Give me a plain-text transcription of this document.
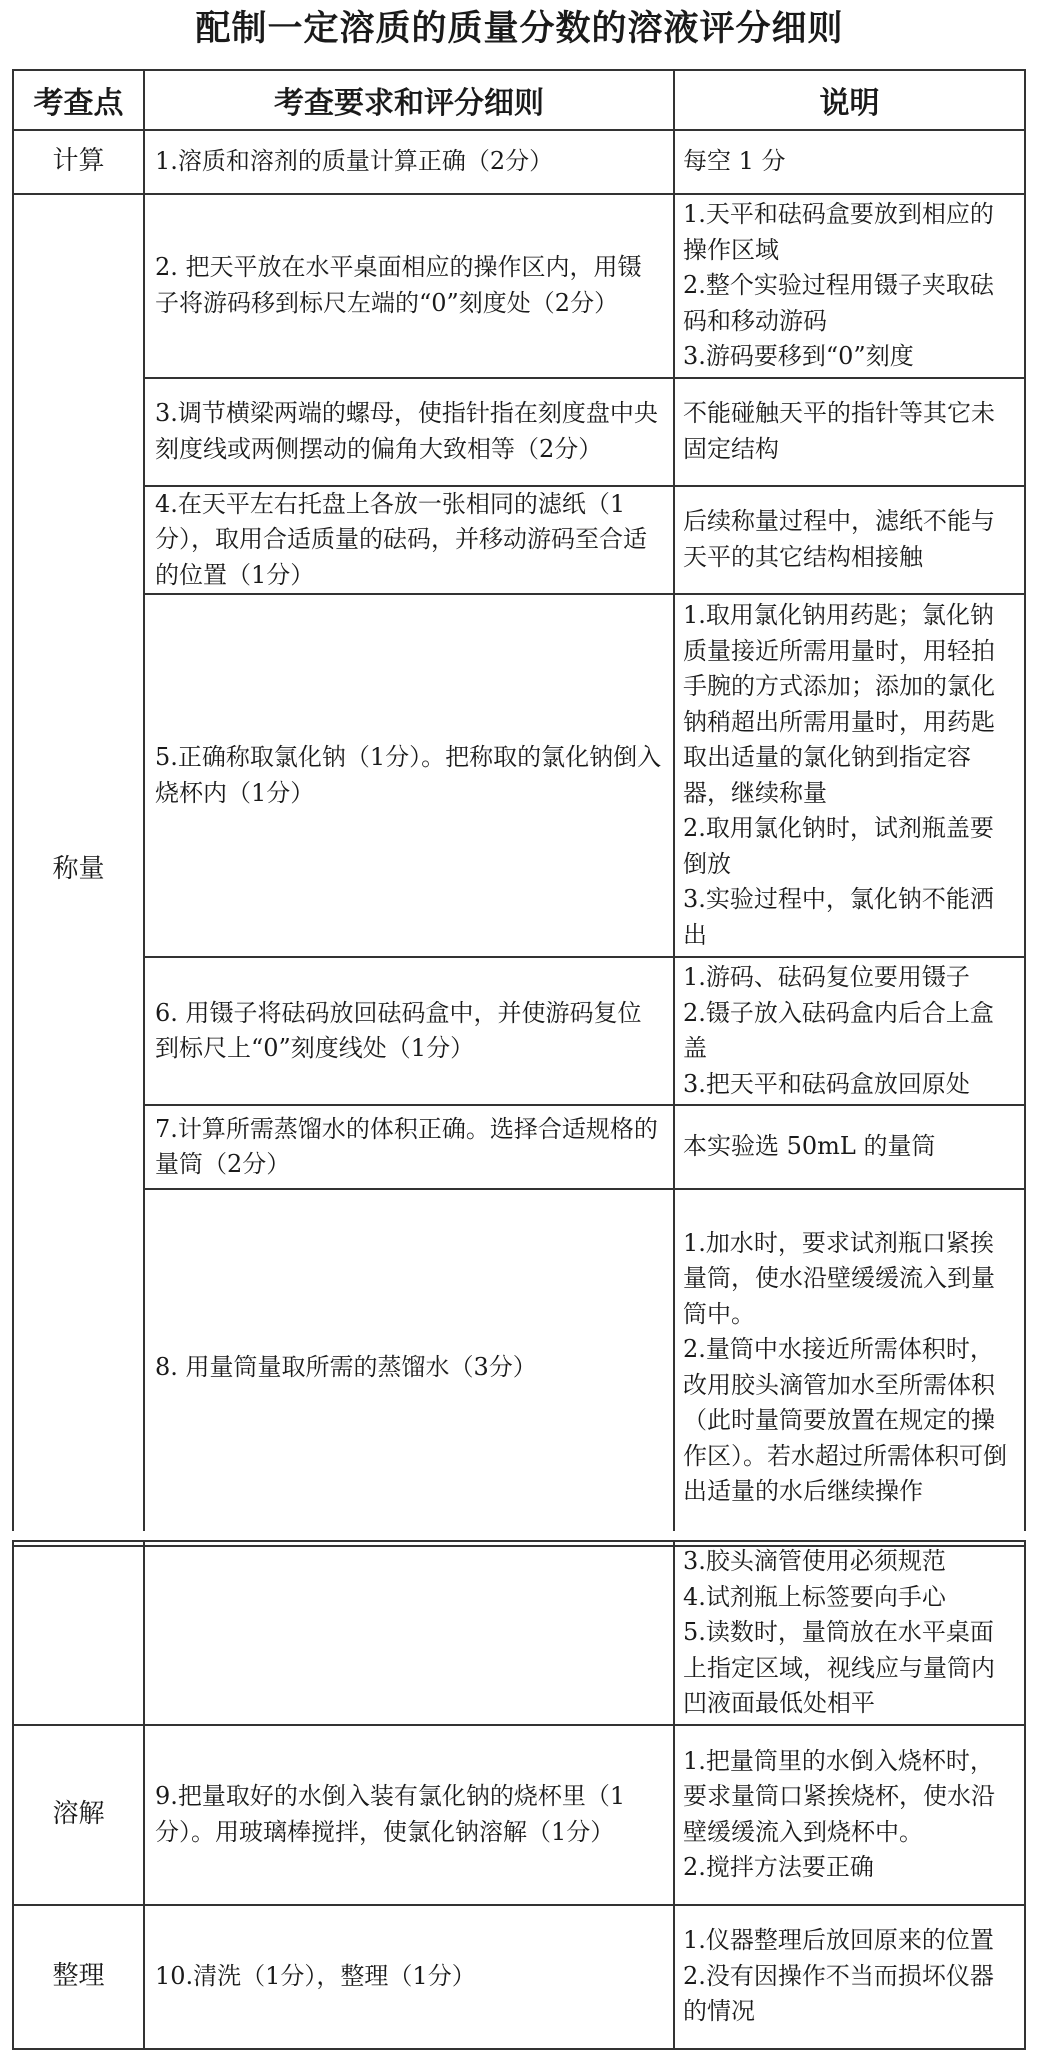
配制一定溶质的质量分数的溶液评分细则
考查点	考查要求和评分细则	说明
计算	1.溶质和溶剂的质量计算正确（2分）	每空 1 分

称量	2. 把天平放在水平桌面相应的操作区内，用镊子将游码移到标尺左端的“0”刻度处（2分）	1.天平和砝码盒要放到相应的操作区域
2.整个实验过程用镊子夹取砝码和移动游码
3.游码要移到“0”刻度

	3.调节横梁两端的螺母，使指针指在刻度盘中央刻度线或两侧摆动的偏角大致相等（2分）	不能碰触天平的指针等其它未固定结构

	4.在天平左右托盘上各放一张相同的滤纸（1分），取用合适质量的砝码，并移动游码至合适的位置（1分）	后续称量过程中，滤纸不能与天平的其它结构相接触

	5.正确称取氯化钠（1分）。把称取的氯化钠倒入烧杯内（1分）	1.取用氯化钠用药匙；氯化钠质量接近所需用量时，用轻拍手腕的方式添加；添加的氯化钠稍超出所需用量时，用药匙取出适量的氯化钠到指定容器，继续称量
2.取用氯化钠时，试剂瓶盖要倒放
3.实验过程中，氯化钠不能洒出

	6. 用镊子将砝码放回砝码盒中，并使游码复位到标尺上“0”刻度线处（1分）	1.游码、砝码复位要用镊子
2.镊子放入砝码盒内后合上盒盖
3.把天平和砝码盒放回原处

	7.计算所需蒸馏水的体积正确。选择合适规格的量筒（2分）	本实验选 50mL 的量筒

	8. 用量筒量取所需的蒸馏水（3分）	1.加水时，要求试剂瓶口紧挨量筒，使水沿壁缓缓流入到量筒中。
2.量筒中水接近所需体积时，改用胶头滴管加水至所需体积（此时量筒要放置在规定的操作区）。若水超过所需体积可倒出适量的水后继续操作

		3.胶头滴管使用必须规范
4.试剂瓶上标签要向手心
5.读数时，量筒放在水平桌面上指定区域，视线应与量筒内凹液面最低处相平

溶解	9.把量取好的水倒入装有氯化钠的烧杯里（1分）。用玻璃棒搅拌，使氯化钠溶解（1分）	1.把量筒里的水倒入烧杯时，要求量筒口紧挨烧杯，使水沿壁缓缓流入到烧杯中。
2.搅拌方法要正确

整理	10.清洗（1分），整理（1分）	1.仪器整理后放回原来的位置
2.没有因操作不当而损坏仪器的情况
